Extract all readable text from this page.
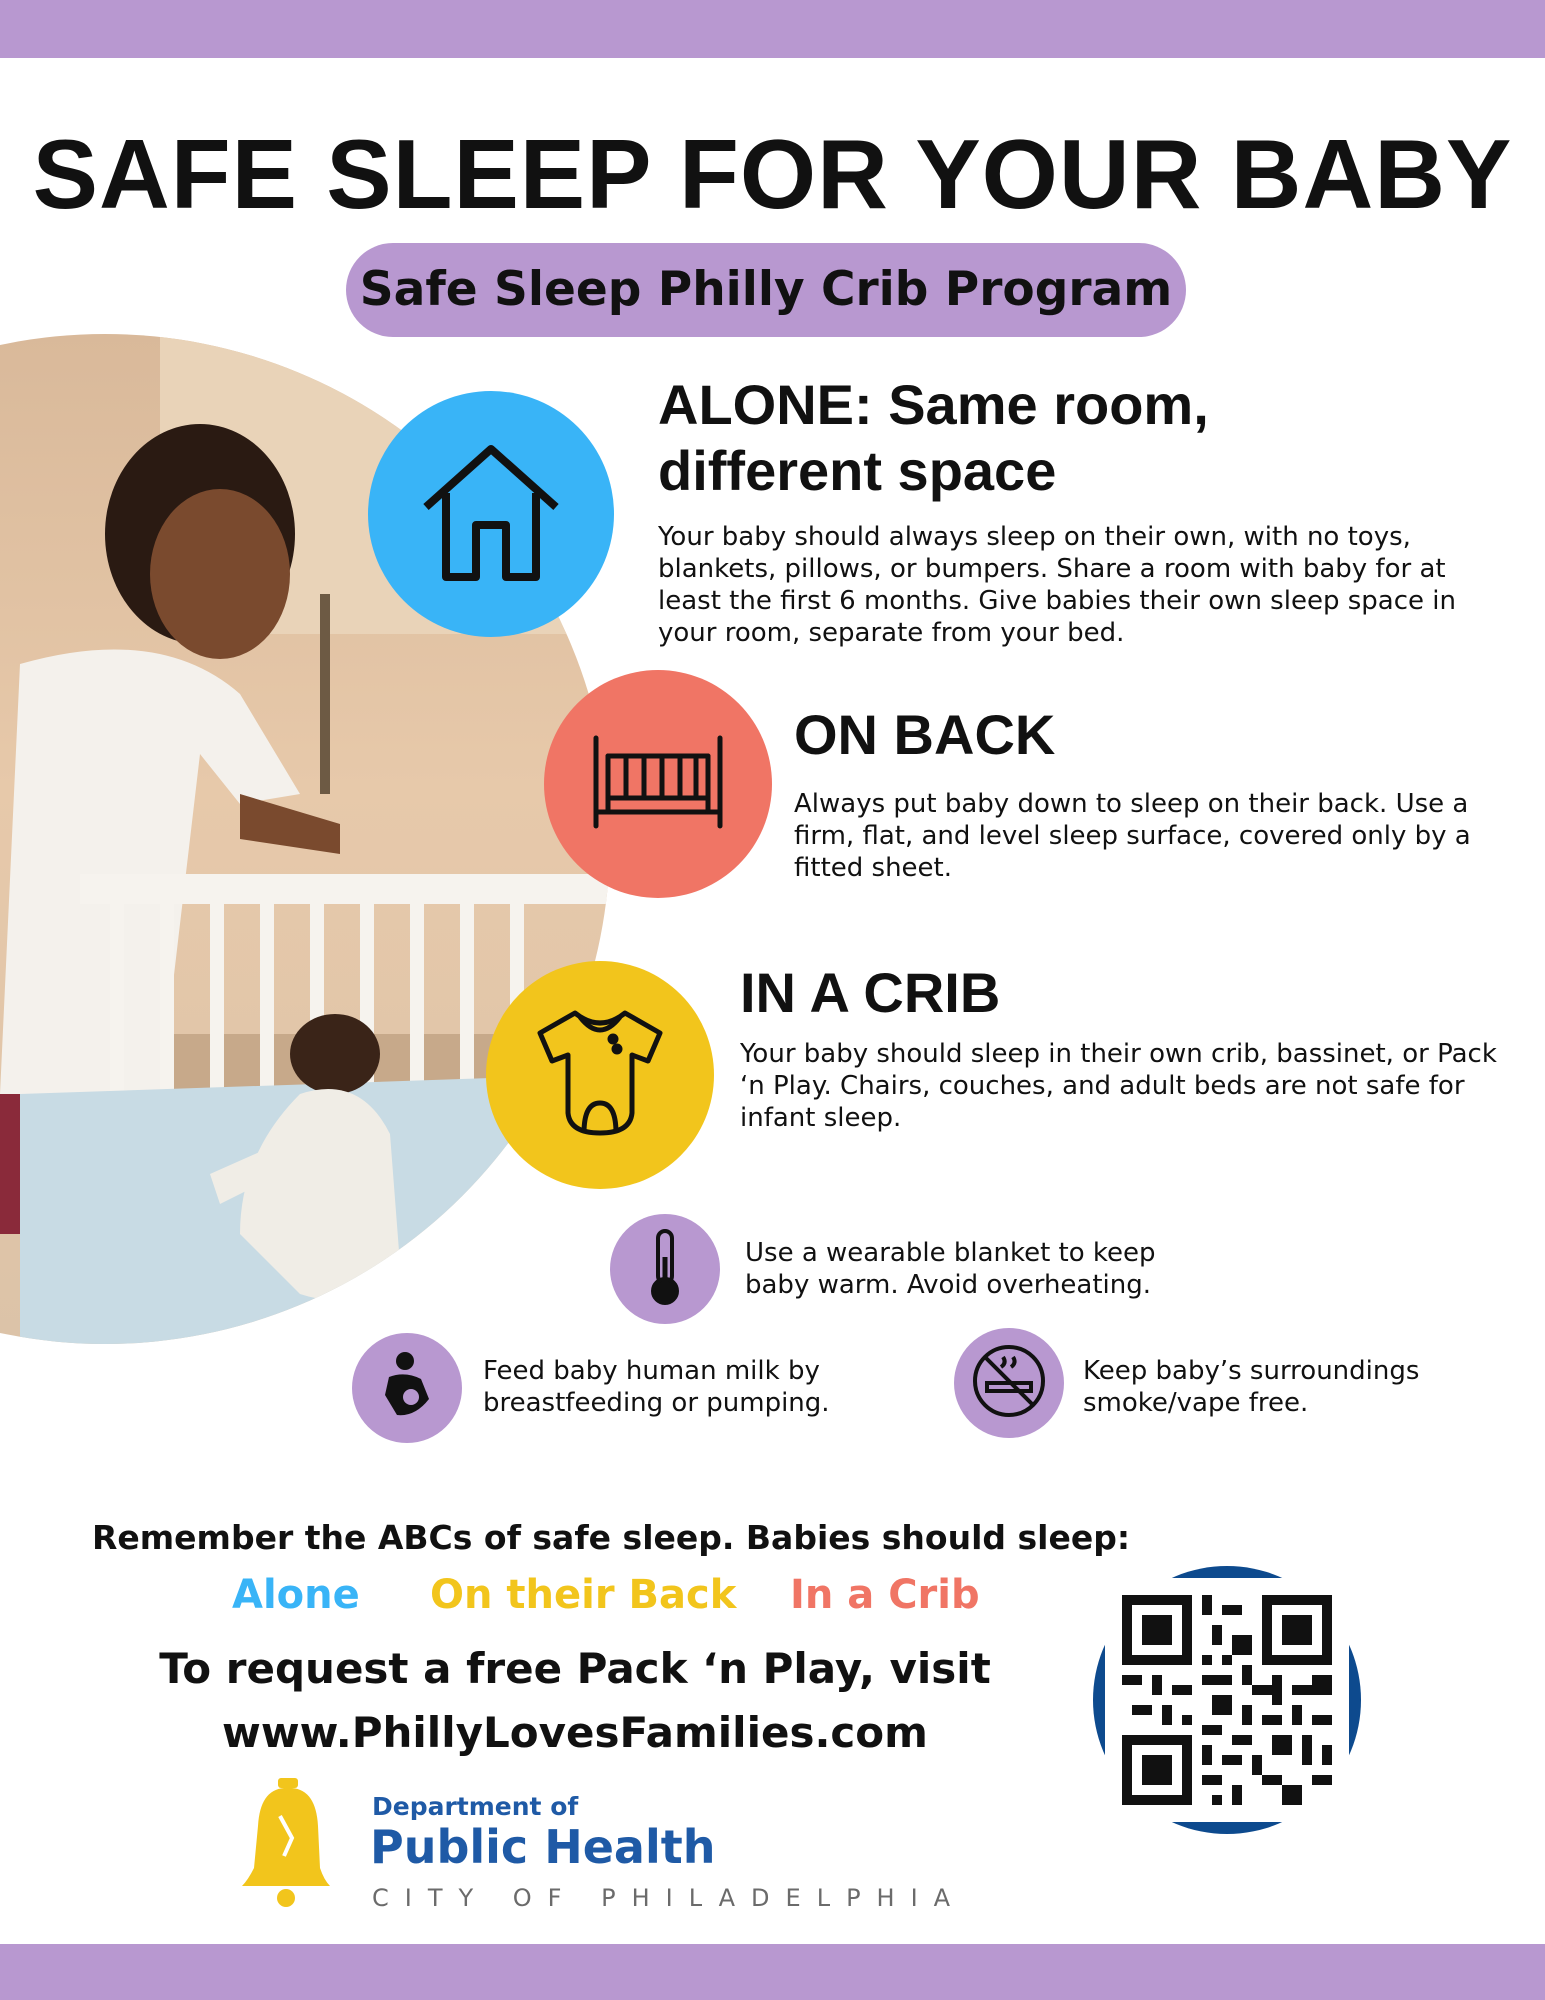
SAFE SLEEP FOR YOUR BABY
Safe Sleep Philly Crib Program
ALONE: Same room,
different space

Your baby should always sleep on their own, with no toys, blankets, pillows, or bumpers. Share a room with baby for at least the first 6 months. Give babies their own sleep space in your room, separate from your bed.

ON BACK

Always put baby down to sleep on their back. Use a firm, flat, and level sleep surface, covered only by a fitted sheet.

IN A CRIB

Your baby should sleep in their own crib, bassinet, or Pack ‘n Play. Chairs, couches, and adult beds are not safe for infant sleep.

Use a wearable blanket to keep baby warm. Avoid overheating.

Feed baby human milk by breastfeeding or pumping.

Keep baby’s surroundings smoke/vape free.

Remember the ABCs of safe sleep. Babies should sleep:
Alone On their Back In a Crib
To request a free Pack ‘n Play, visit
www.PhillyLovesFamilies.com
Department of
Public Health
CITY OF PHILADELPHIA
